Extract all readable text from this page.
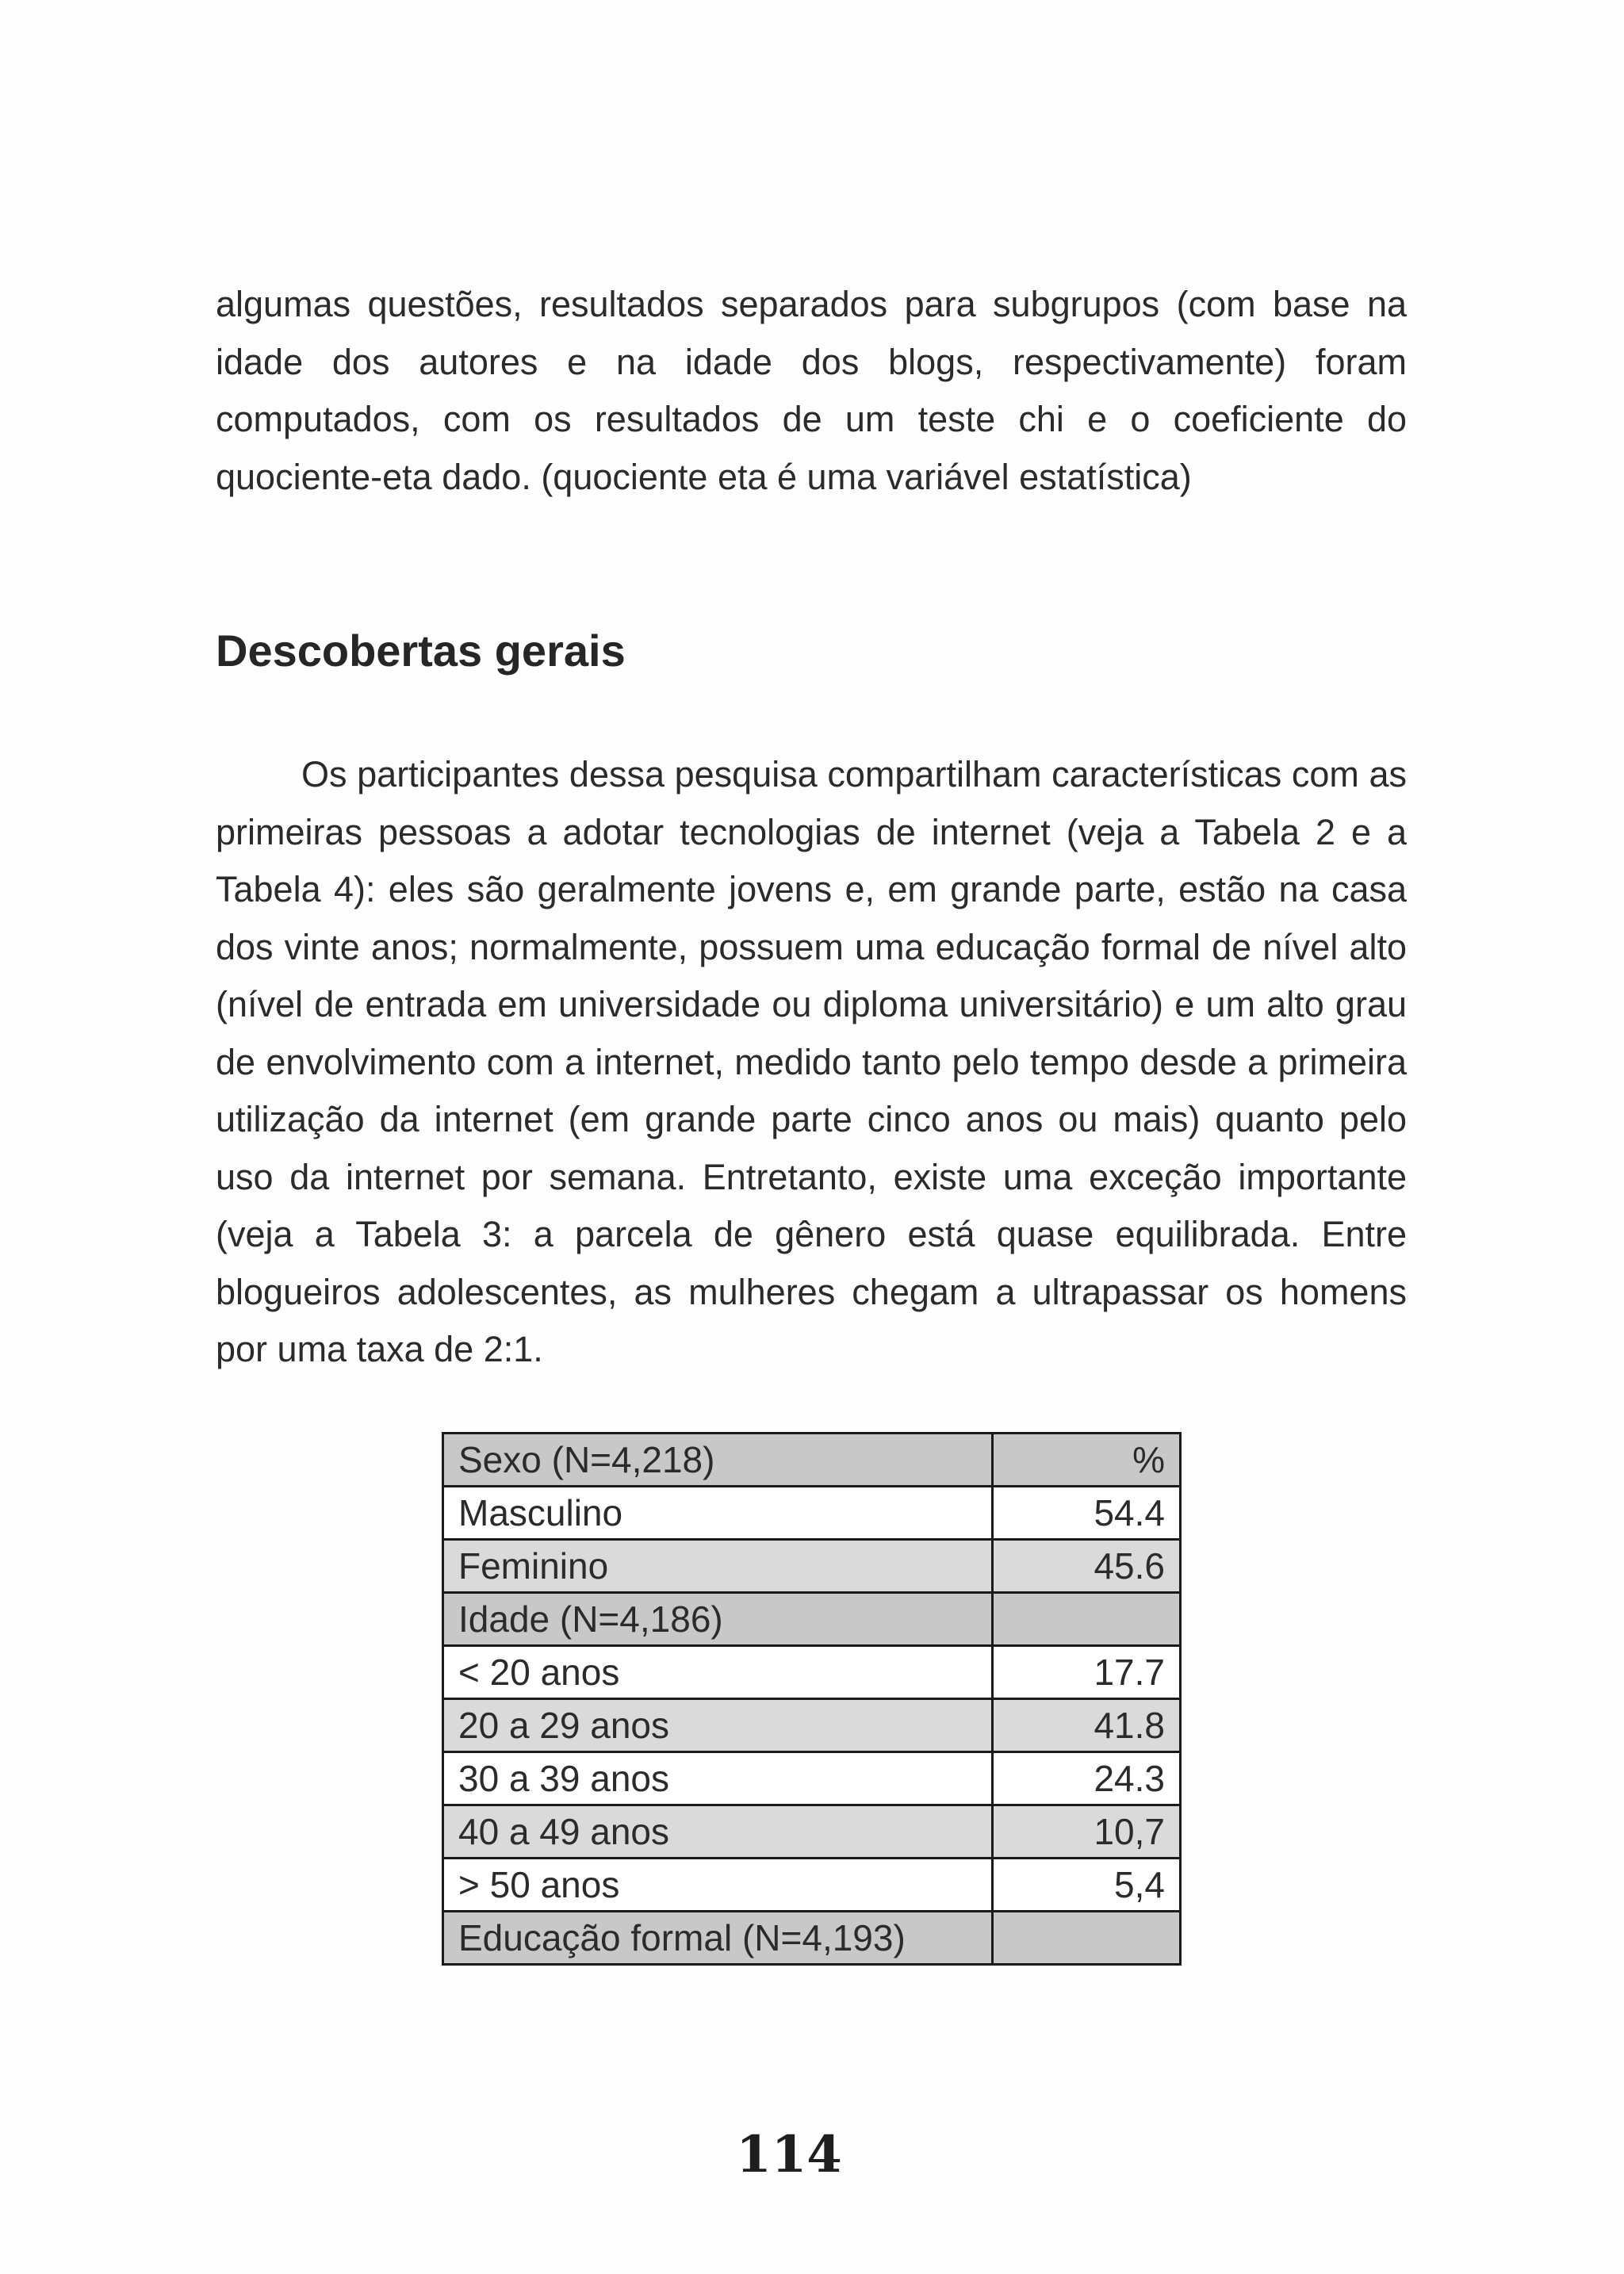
algumas questões, resultados separados para subgrupos (com base na idade dos autores e na idade dos blogs, respectivamente) foram computados, com os resultados de um teste chi e o coeficiente do quociente-eta dado. (quociente eta é uma variável estatística)

Descobertas gerais

Os participantes dessa pesquisa compartilham características com as primeiras pessoas a adotar tecnologias de internet (veja a Tabela 2 e a Tabela 4): eles são geralmente jovens e, em grande parte, estão na casa dos vinte anos; normalmente, possuem uma educação formal de nível alto (nível de entrada em universidade ou diploma universitário) e um alto grau de envolvimento com a internet, medido tanto pelo tempo desde a primeira utilização da internet (em grande parte cinco anos ou mais) quanto pelo uso da internet por semana. Entretanto, existe uma exceção importante (veja a Tabela 3: a parcela de gênero está quase equilibrada. Entre blogueiros adolescentes, as mulheres chegam a ultrapassar os homens por uma taxa de 2:1.

Sexo (N=4,218)	%
Masculino	54.4
Feminino	45.6
Idade (N=4,186)	
< 20 anos	17.7
20 a 29 anos	41.8
30 a 39 anos	24.3
40 a 49 anos	10,7
> 50 anos	5,4
Educação formal (N=4,193)	
114
